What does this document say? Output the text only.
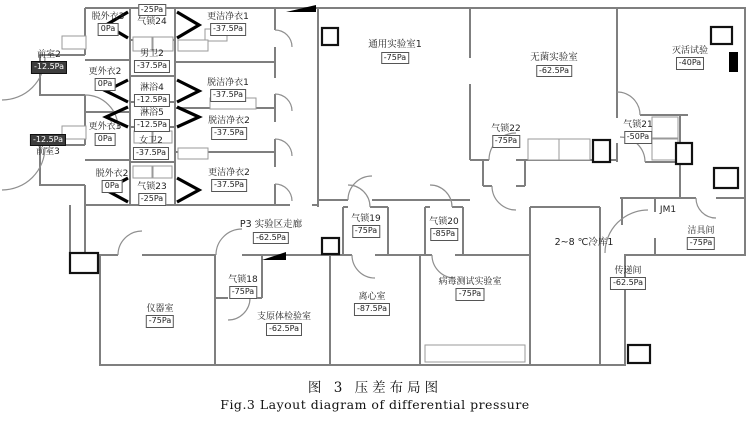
脱外衣3
0Pa
气锁24
-25Pa
更洁净衣1
-37.5Pa
前室2
-12.5Pa
男卫2
-37.5Pa
更外衣2
0Pa	脱洁净衣1
-37.5Pa
淋浴4
-12.5Pa
淋浴5
-12.5Pa
更外衣3
0Pa	女卫2
-37.5Pa
脱洁净衣2
-37.5Pa
前室3
-12.5Pa
脱外衣2
0Pa	气锁23
-25Pa
更洁净衣2
-37.5Pa
通用实验室1
-75Pa	无菌实验室
-62.5Pa
灭活试验
-40Pa
气锁22
-75Pa
气锁21
-50Pa
P3 实验区走廊
-62.5Pa
气锁19
-75Pa
气锁20
-85Pa
气锁18
-75Pa
仪器室
-75Pa	支原体检验室
-62.5Pa
离心室
-87.5Pa
病毒测试实验室
-75Pa
2~8 ℃冷库1
JM1
洁具间
-75Pa
传递间
-62.5Pa
图 3 压差布局图
Fig.3 Layout diagram of differential pressure
